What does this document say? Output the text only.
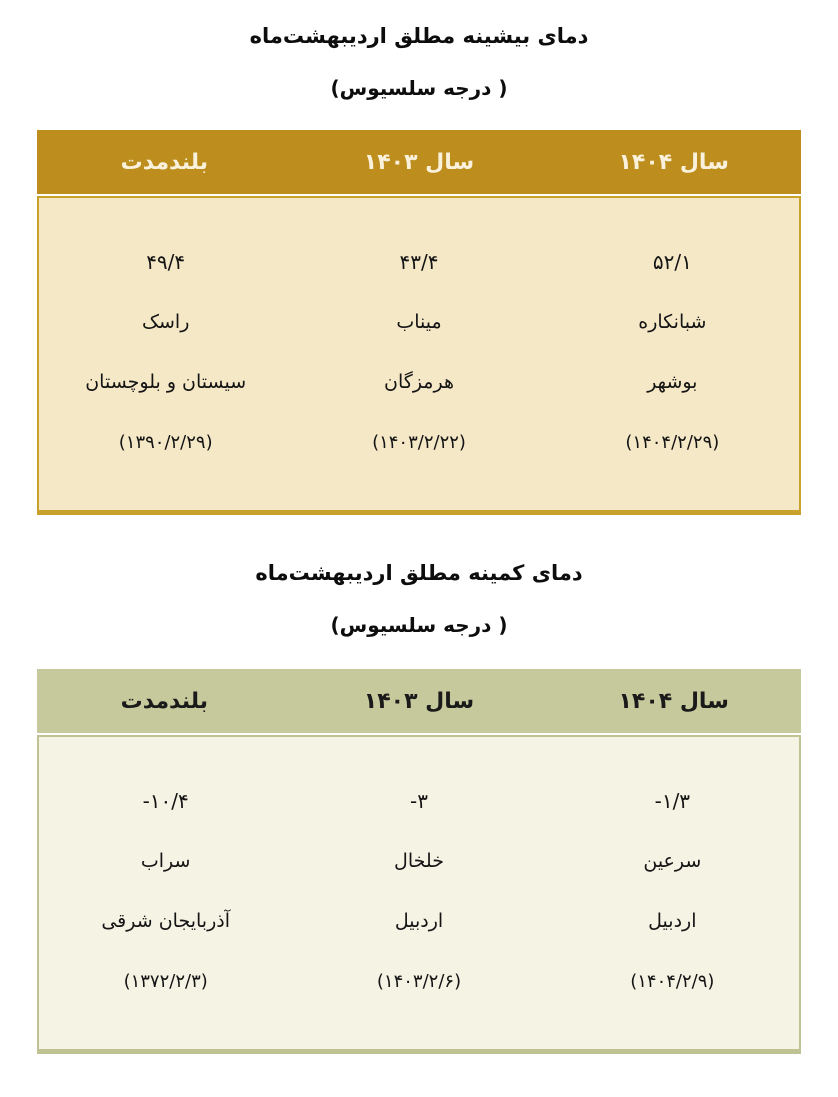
دمای بیشینه مطلق اردیبهشت‌ماه
( درجه سلسیوس)
سال ۱۴۰۴
سال ۱۴۰۳
بلندمدت
۵۲/۱
۴۳/۴
۴۹/۴
شبانکاره
میناب
راسک
بوشهر
هرمزگان
سیستان و بلوچستان
(۱۴۰۴/۲/۲۹)
(۱۴۰۳/۲/۲۲)
(۱۳۹۰/۲/۲۹)
دمای کمینه مطلق اردیبهشت‌ماه
( درجه سلسیوس)
سال ۱۴۰۴
سال ۱۴۰۳
بلندمدت
-۱/۳
-۳
-۱۰/۴
سرعین
خلخال
سراب
اردبیل
اردبیل
آذربایجان شرقی
(۱۴۰۴/۲/۹)
(۱۴۰۳/۲/۶)
(۱۳۷۲/۲/۳)
